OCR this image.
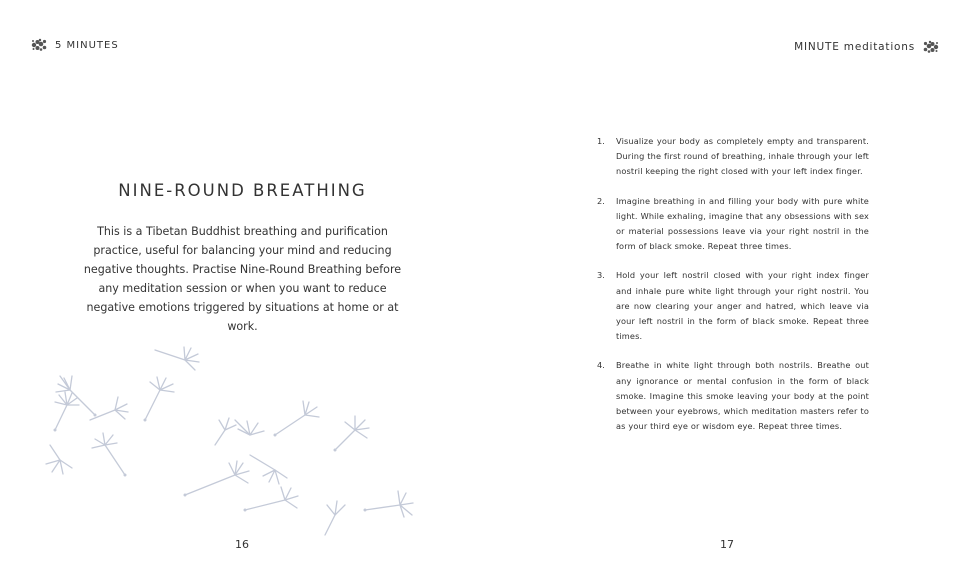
5 MINUTES
NINE-ROUND BREATHING

This is a Tibetan Buddhist breathing and purification practice, useful for balancing your mind and reducing negative thoughts. Practise Nine-Round Breathing before any meditation session or when you want to reduce negative emotions triggered by situations at home or at work.

16
MINUTE meditations
1.	Visualize your body as completely empty and transparent. During the first round of breathing, inhale through your left nostril keeping the right closed with your left index finger.
2.	Imagine breathing in and filling your body with pure white light. While exhaling, imagine that any obsessions with sex or material possessions leave via your right nostril in the form of black smoke. Repeat three times.
3.	Hold your left nostril closed with your right index finger and inhale pure white light through your right nostril. You are now clearing your anger and hatred, which leave via your left nostril in the form of black smoke. Repeat three times.
4.	Breathe in white light through both nostrils. Breathe out any ignorance or mental confusion in the form of black smoke. Imagine this smoke leaving your body at the point between your eyebrows, which meditation masters refer to as your third eye or wisdom eye. Repeat three times.
17
